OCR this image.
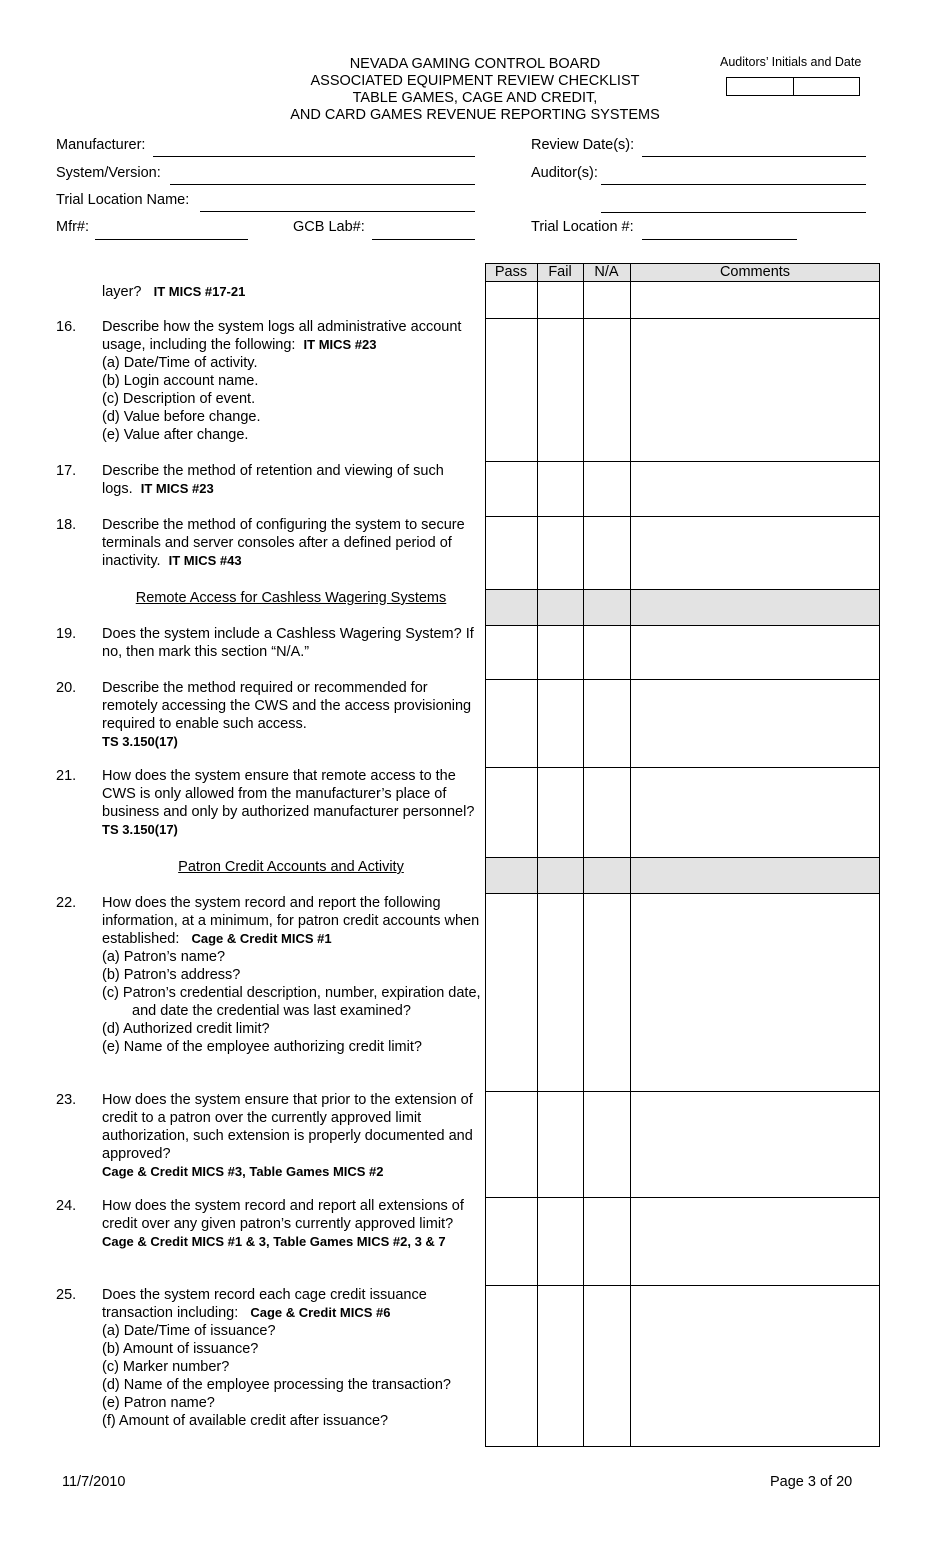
NEVADA GAMING CONTROL BOARD
ASSOCIATED EQUIPMENT REVIEW CHECKLIST
TABLE GAMES, CAGE AND CREDIT,
AND CARD GAMES REVENUE REPORTING SYSTEMS
Auditors’ Initials and Date
Manufacturer:
System/Version:
Trial Location Name:
Mfr#:	GCB Lab#:
Review Date(s):
Auditor(s):
Trial Location #:
Pass	Fail	N/A	Comments
layer? IT MICS #17-21
16. Describe how the system logs all administrative account usage, including the following: IT MICS #23
(a) Date/Time of activity.
(b) Login account name.
(c) Description of event.
(d) Value before change.
(e) Value after change.
17. Describe the method of retention and viewing of such logs. IT MICS #23
18. Describe the method of configuring the system to secure terminals and server consoles after a defined period of inactivity. IT MICS #43
Remote Access for Cashless Wagering Systems
19. Does the system include a Cashless Wagering System? If no, then mark this section “N/A.”
20. Describe the method required or recommended for remotely accessing the CWS and the access provisioning required to enable such access.
TS 3.150(17)
21. How does the system ensure that remote access to the CWS is only allowed from the manufacturer’s place of business and only by authorized manufacturer personnel?  TS 3.150(17)
Patron Credit Accounts and Activity
22. How does the system record and report the following information, at a minimum, for patron credit accounts when established: Cage & Credit MICS #1
(a) Patron’s name?
(b) Patron’s address?
(c) Patron’s credential description, number, expiration date, and date the credential was last examined?
(d) Authorized credit limit?
(e) Name of the employee authorizing credit limit?
23. How does the system ensure that prior to the extension of credit to a patron over the currently approved limit authorization, such extension is properly documented and approved?
Cage & Credit MICS #3, Table Games MICS #2
24. How does the system record and report all extensions of credit over any given patron’s currently approved limit?
Cage & Credit MICS #1 & 3, Table Games MICS #2, 3 & 7
25. Does the system record each cage credit issuance transaction including: Cage & Credit MICS #6
(a) Date/Time of issuance?
(b) Amount of issuance?
(c) Marker number?
(d) Name of the employee processing the transaction?
(e) Patron name?
(f) Amount of available credit after issuance?
11/7/2010	Page 3 of 20
